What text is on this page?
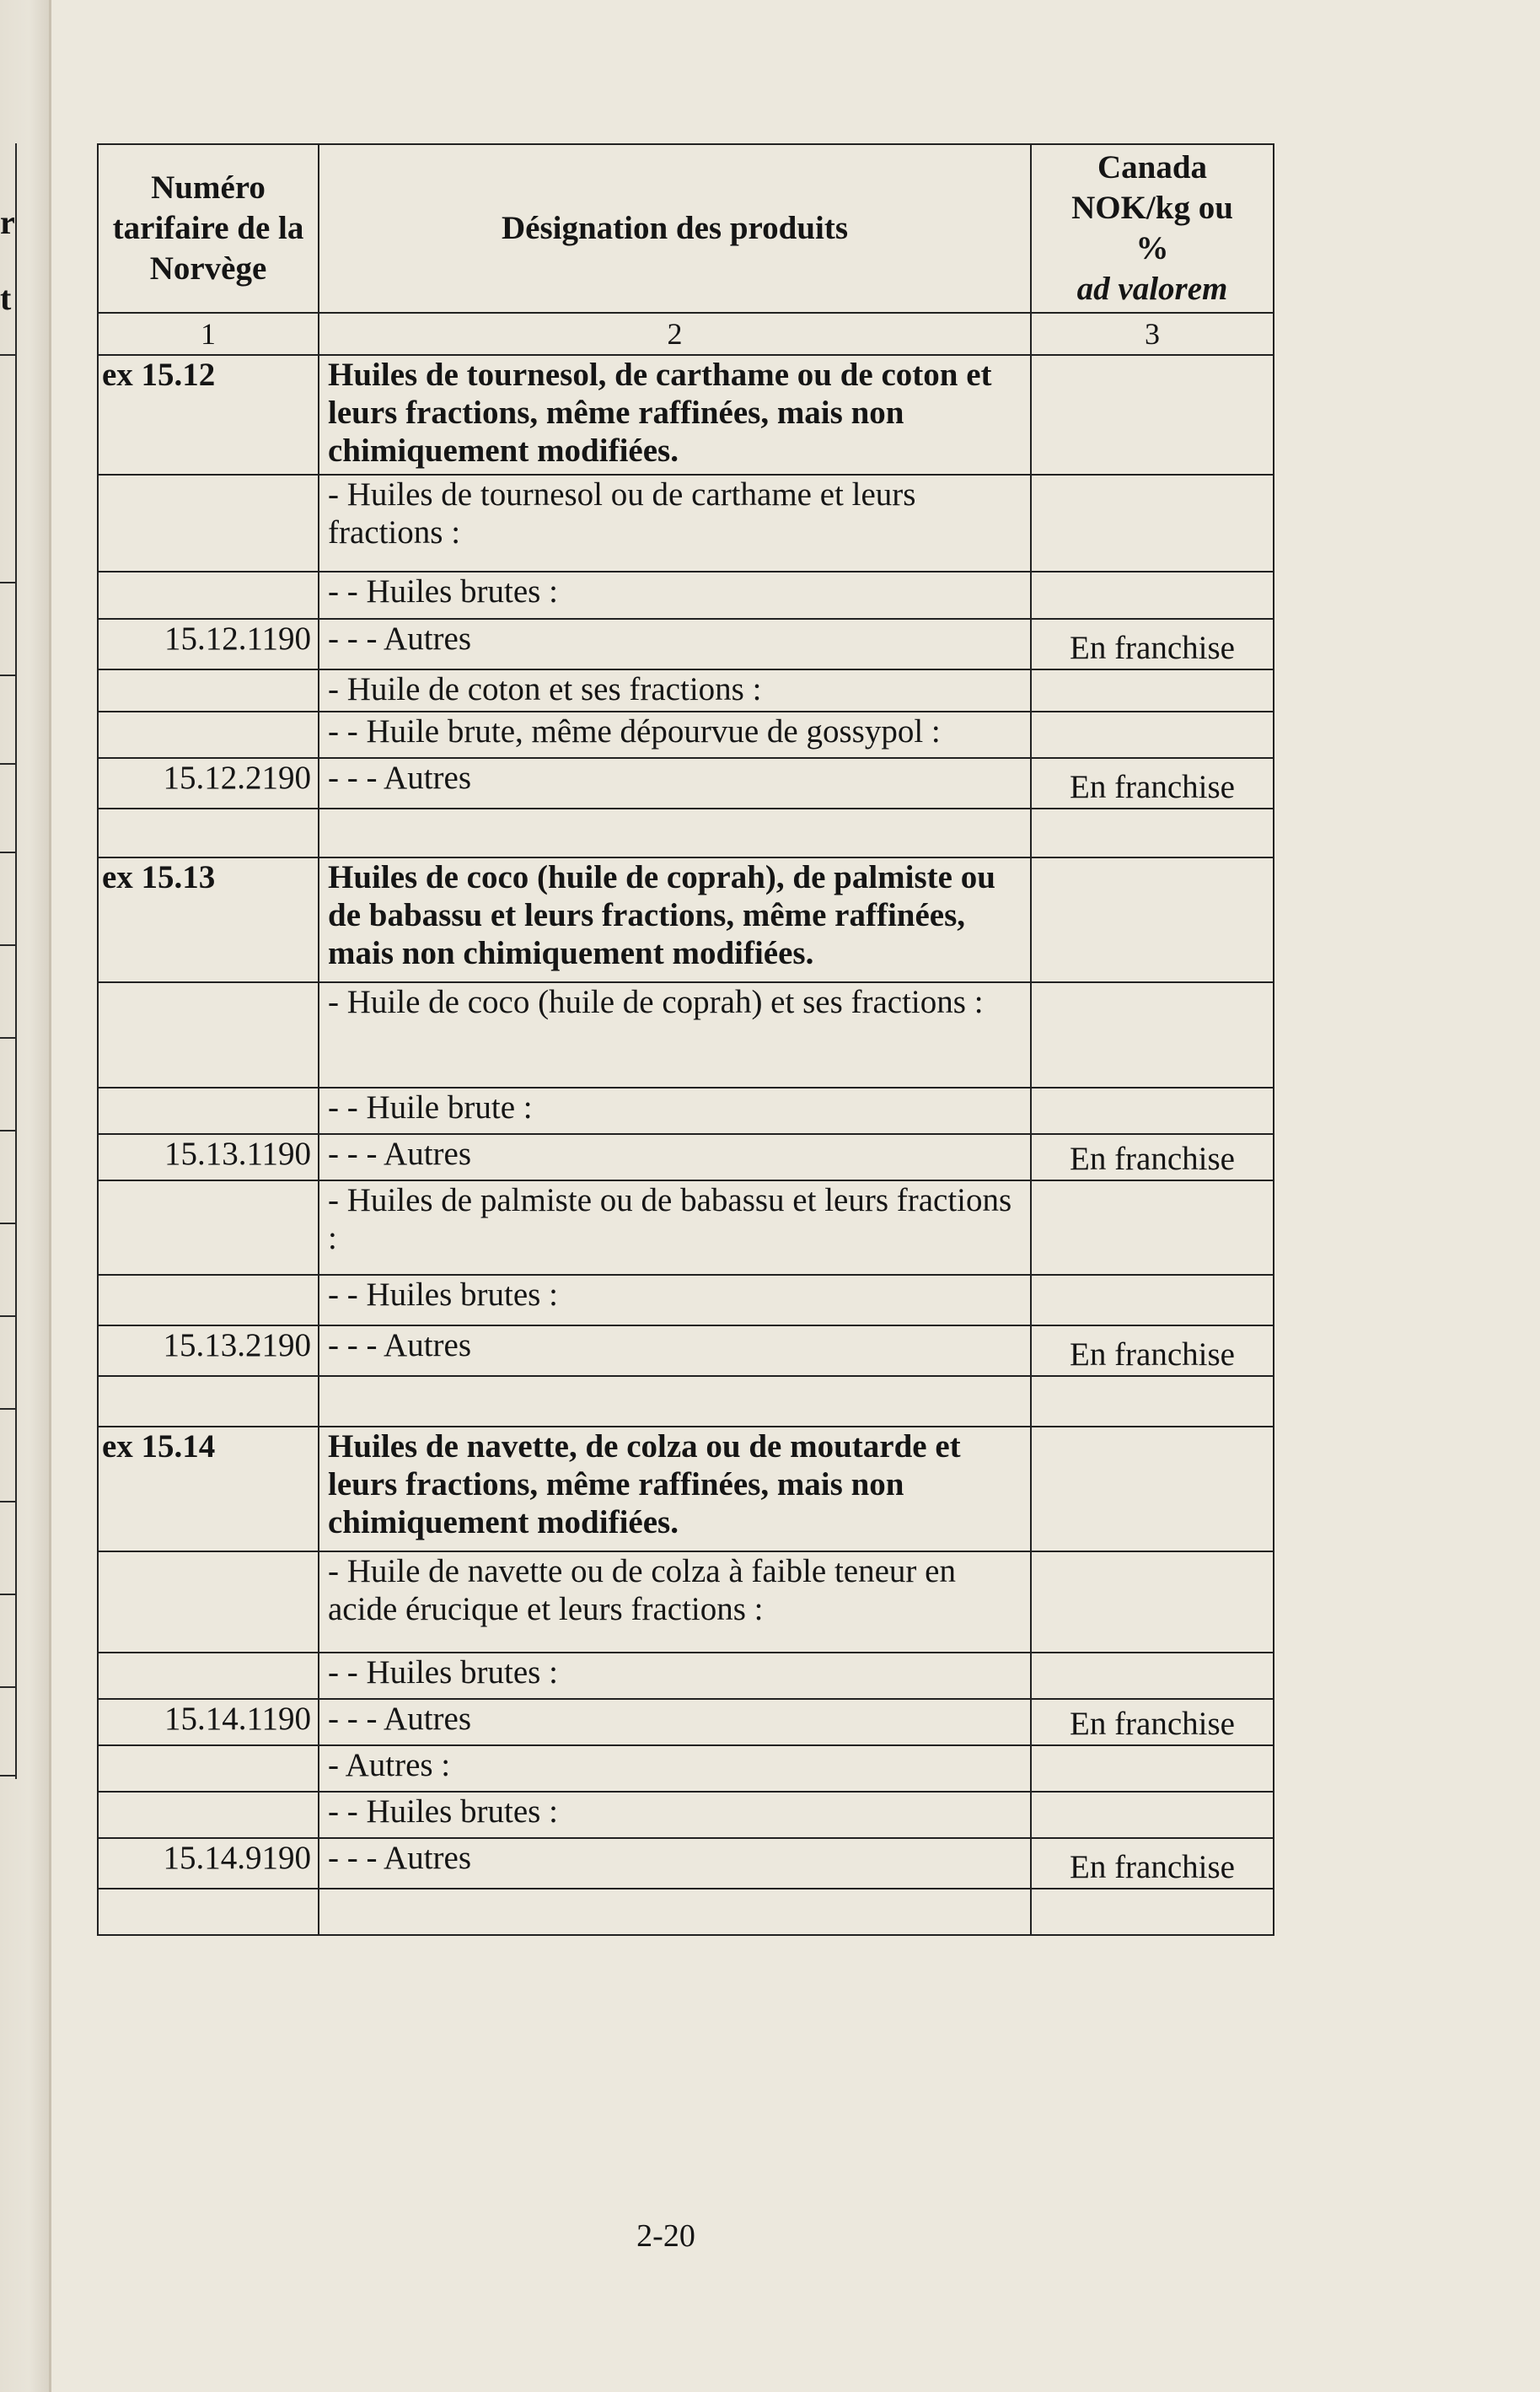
r
t
Numéro tarifaire de la Norvège	Désignation des produits	Canada
NOK/kg ou
%
ad valorem

1	2	3
ex 15.12	Huiles de tournesol, de carthame ou de coton et leurs fractions, même raffinées, mais non chimiquement modifiées.	
	- Huiles de tournesol ou de carthame et leurs fractions :	
	- - Huiles brutes :	
15.12.1190	- - - Autres	En franchise
	- Huile de coton et ses fractions :	
	- - Huile brute, même dépourvue de gossypol :	
15.12.2190	- - - Autres	En franchise

ex 15.13	Huiles de coco (huile de coprah), de palmiste ou de babassu et leurs fractions, même raffinées, mais non chimiquement modifiées.	
	- Huile de coco (huile de coprah) et ses fractions :	
	- - Huile brute :	
15.13.1190	- - - Autres	En franchise
	- Huiles de palmiste ou de babassu et leurs fractions :	
	- - Huiles brutes :	
15.13.2190	- - - Autres	En franchise

ex 15.14	Huiles de navette, de colza ou de moutarde et leurs fractions, même raffinées, mais non chimiquement modifiées.	
	- Huile de navette ou de colza à faible teneur en acide érucique et leurs fractions :	
	- - Huiles brutes :	
15.14.1190	- - - Autres	En franchise
	- Autres :	
	- - Huiles brutes :	
15.14.9190	- - - Autres	En franchise

2-20
